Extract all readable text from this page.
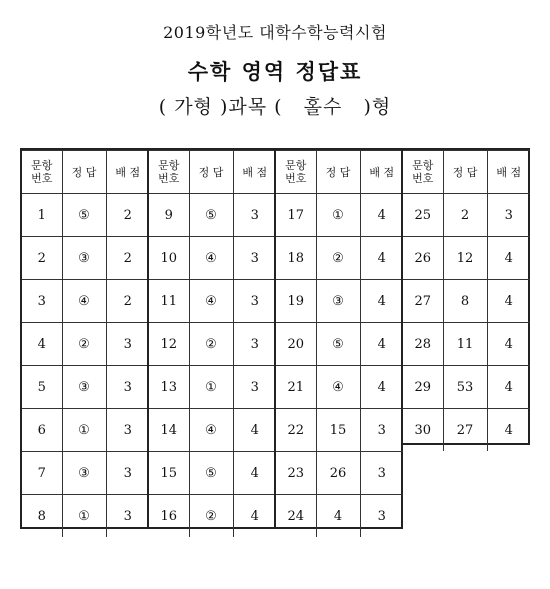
2019학년도 대학수학능력시험
수학 영역 정답표
( 가형 )과목 (   홀수   )형
문항
번호	정 답	배 점
1	⑤	2
2	③	2
3	④	2
4	②	3
5	③	3
6	①	3
7	③	3
8	①	3
문항
번호	정 답	배 점
9	⑤	3
10	④	3
11	④	3
12	②	3
13	①	3
14	④	4
15	⑤	4
16	②	4
문항
번호	정 답	배 점
17	①	4
18	②	4
19	③	4
20	⑤	4
21	④	4
22	15	3
23	26	3
24	4	3
문항
번호	정 답	배 점
25	2	3
26	12	4
27	8	4
28	11	4
29	53	4
30	27	4
